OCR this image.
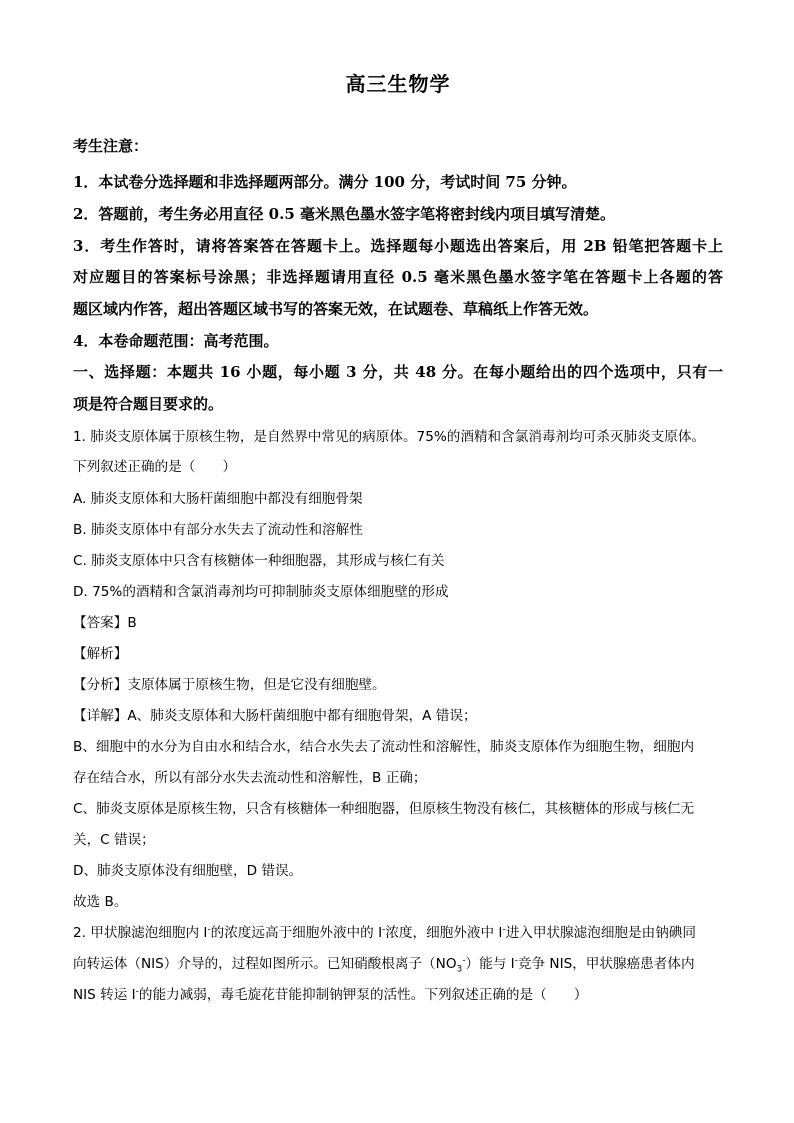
高三生物学
考生注意：
1．本试卷分选择题和非选择题两部分。满分 100 分，考试时间 75 分钟。
2．答题前，考生务必用直径 0.5 毫米黑色墨水签字笔将密封线内项目填写清楚。
3．考生作答时，请将答案答在答题卡上。选择题每小题选出答案后，用 2B 铅笔把答题卡上
对应题目的答案标号涂黑；非选择题请用直径 0.5 毫米黑色墨水签字笔在答题卡上各题的答
题区域内作答，超出答题区域书写的答案无效，在试题卷、草稿纸上作答无效。
4．本卷命题范围：高考范围。
一、选择题：本题共 16 小题，每小题 3 分，共 48 分。在每小题给出的四个选项中，只有一
项是符合题目要求的。
1. 肺炎支原体属于原核生物，是自然界中常见的病原体。75%的酒精和含氯消毒剂均可杀灭肺炎支原体。
下列叙述正确的是（　　）
A. 肺炎支原体和大肠杆菌细胞中都没有细胞骨架
B. 肺炎支原体中有部分水失去了流动性和溶解性
C. 肺炎支原体中只含有核糖体一种细胞器，其形成与核仁有关
D. 75%的酒精和含氯消毒剂均可抑制肺炎支原体细胞壁的形成
【答案】B
【解析】
【分析】支原体属于原核生物，但是它没有细胞壁。
【详解】A、肺炎支原体和大肠杆菌细胞中都有细胞骨架，A 错误；
B、细胞中的水分为自由水和结合水，结合水失去了流动性和溶解性，肺炎支原体作为细胞生物，细胞内
存在结合水，所以有部分水失去流动性和溶解性，B 正确；
C、肺炎支原体是原核生物，只含有核糖体一种细胞器，但原核生物没有核仁，其核糖体的形成与核仁无
关，C 错误；
D、肺炎支原体没有细胞壁，D 错误。
故选 B。
2. 甲状腺滤泡细胞内 I-的浓度远高于细胞外液中的 I-浓度，细胞外液中 I-进入甲状腺滤泡细胞是由钠碘同
向转运体（NIS）介导的，过程如图所示。已知硝酸根离子$(NO_3^-)$能与 I-竞争 NIS，甲状腺癌患者体内
NIS 转运 I-的能力减弱，毒毛旋花苷能抑制钠钾泵的活性。下列叙述正确的是（　　）
